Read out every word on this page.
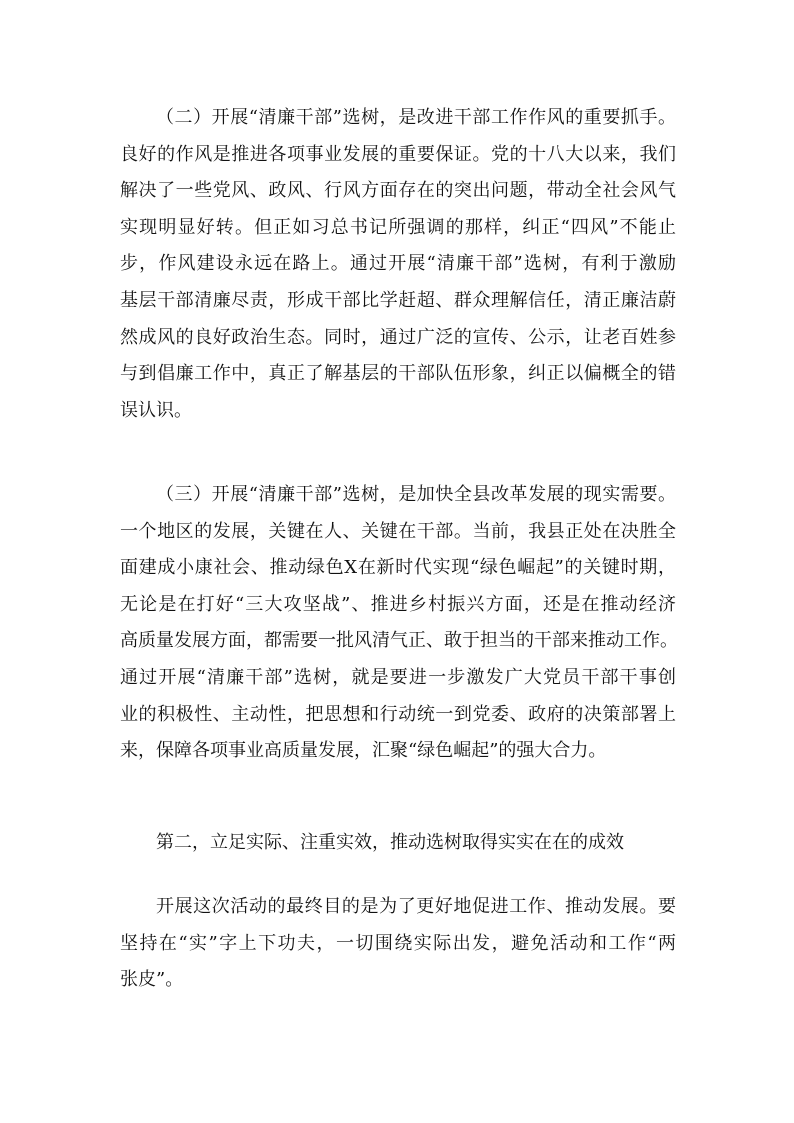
（二）开展“清廉干部”选树，是改进干部工作作风的重要抓手。
良好的作风是推进各项事业发展的重要保证。党的十八大以来，我们
解决了一些党风、政风、行风方面存在的突出问题，带动全社会风气
实现明显好转。但正如习总书记所强调的那样，纠正“四风”不能止
步，作风建设永远在路上。通过开展“清廉干部”选树，有利于激励
基层干部清廉尽责，形成干部比学赶超、群众理解信任，清正廉洁蔚
然成风的良好政治生态。同时，通过广泛的宣传、公示，让老百姓参
与到倡廉工作中，真正了解基层的干部队伍形象，纠正以偏概全的错
误认识。
（三）开展“清廉干部”选树，是加快全县改革发展的现实需要。
一个地区的发展，关键在人、关键在干部。当前，我县正处在决胜全
面建成小康社会、推动绿色X在新时代实现“绿色崛起”的关键时期，
无论是在打好“三大攻坚战”、推进乡村振兴方面，还是在推动经济
高质量发展方面，都需要一批风清气正、敢于担当的干部来推动工作。
通过开展“清廉干部”选树，就是要进一步激发广大党员干部干事创
业的积极性、主动性，把思想和行动统一到党委、政府的决策部署上
来，保障各项事业高质量发展，汇聚“绿色崛起”的强大合力。
第二，立足实际、注重实效，推动选树取得实实在在的成效
开展这次活动的最终目的是为了更好地促进工作、推动发展。要
坚持在“实”字上下功夫，一切围绕实际出发，避免活动和工作“两
张皮”。
